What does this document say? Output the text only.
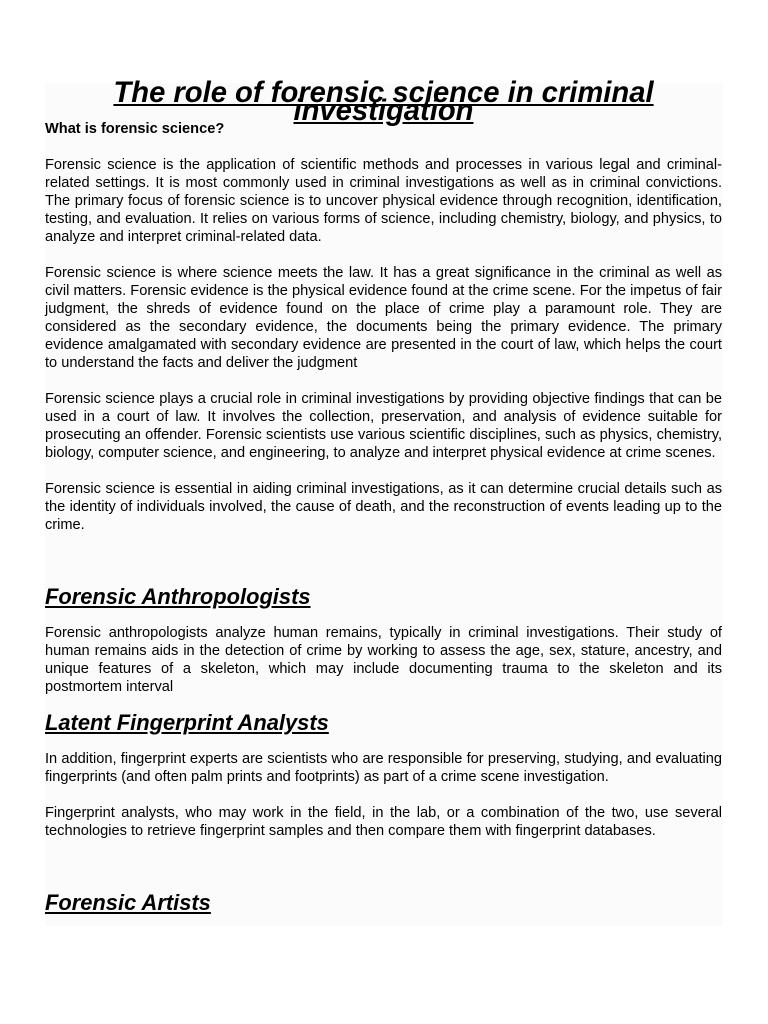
The role of forensic science in criminal investigation
What is forensic science?

Forensic science is the application of scientific methods and processes in various legal and criminal-related settings. It is most commonly used in criminal investigations as well as in criminal convictions. The primary focus of forensic science is to uncover physical evidence through recognition, identification, testing, and evaluation. It relies on various forms of science, including chemistry, biology, and physics, to analyze and interpret criminal-related data.

Forensic science is where science meets the law. It has a great significance in the criminal as well as civil matters. Forensic evidence is the physical evidence found at the crime scene. For the impetus of fair judgment, the shreds of evidence found on the place of crime play a paramount role. They are considered as the secondary evidence, the documents being the primary evidence. The primary evidence amalgamated with secondary evidence are presented in the court of law, which helps the court to understand the facts and deliver the judgment

Forensic science plays a crucial role in criminal investigations by providing objective findings that can be used in a court of law. It involves the collection, preservation, and analysis of evidence suitable for prosecuting an offender. Forensic scientists use various scientific disciplines, such as physics, chemistry, biology, computer science, and engineering, to analyze and interpret physical evidence at crime scenes.

Forensic science is essential in aiding criminal investigations, as it can determine crucial details such as the identity of individuals involved, the cause of death, and the reconstruction of events leading up to the crime.

Forensic Anthropologists

Forensic anthropologists analyze human remains, typically in criminal investigations. Their study of human remains aids in the detection of crime by working to assess the age, sex, stature, ancestry, and unique features of a skeleton, which may include documenting trauma to the skeleton and its postmortem interval

Latent Fingerprint Analysts

In addition, fingerprint experts are scientists who are responsible for preserving, studying, and evaluating fingerprints (and often palm prints and footprints) as part of a crime scene investigation.

Fingerprint analysts, who may work in the field, in the lab, or a combination of the two, use several technologies to retrieve fingerprint samples and then compare them with fingerprint databases.

Forensic Artists
